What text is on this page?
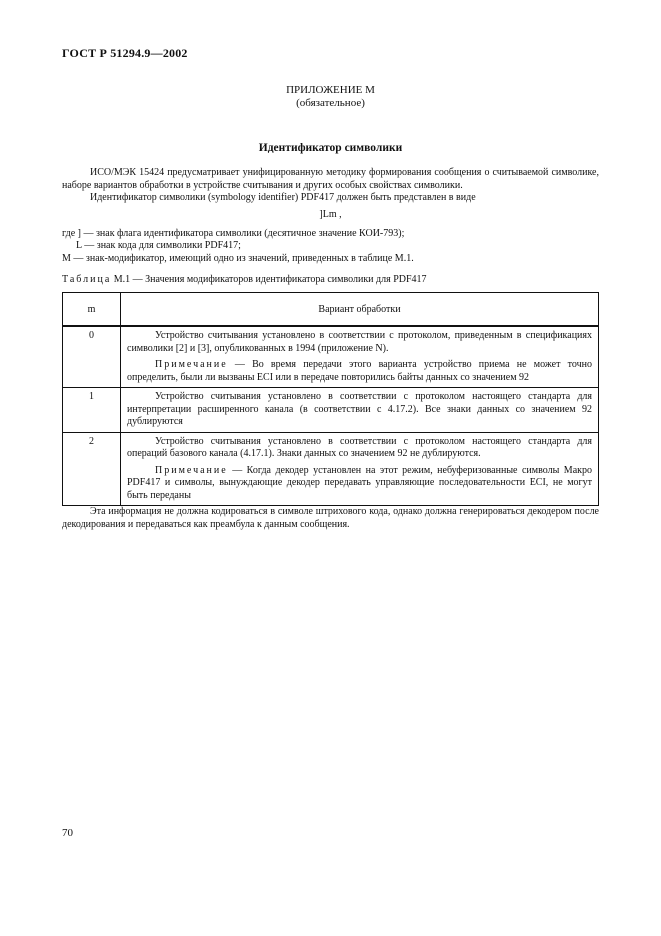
ГОСТ Р 51294.9—2002
ПРИЛОЖЕНИЕ М
(обязательное)
Идентификатор символики
ИСО/МЭК 15424 предусматривает унифицированную методику формирования сообщения о считываемой символике, наборе вариантов обработки в устройстве считывания и других особых свойствах символики.
Идентификатор символики (symbology identifier) PDF417 должен быть представлен в виде
]Lm ,
где ] — знак флага идентификатора символики (десятичное значение КОИ-793);
L — знак кода для символики PDF417;
М — знак-модификатор, имеющий одно из значений, приведенных в таблице М.1.
Таблица М.1 — Значения модификаторов идентификатора символики для PDF417
m	Вариант обработки
0	Устройство считывания установлено в соответствии с протоколом, приведенным в спецификациях символики [2] и [3], опубликованных в 1994 (приложение N).

Примечание — Во время передачи этого варианта устройство приема не может точно определить, были ли вызваны ECI или в передаче повторились байты данных со значением 92

1	Устройство считывания установлено в соответствии с протоколом настоящего стандарта для интерпретации расширенного канала (в соответствии с 4.17.2). Все знаки данных со значением 92 дублируются

2	Устройство считывания установлено в соответствии с протоколом настоящего стандарта для операций базового канала (4.17.1). Знаки данных со значением 92 не дублируются.

Примечание — Когда декодер установлен на этот режим, небуферизованные символы Макро PDF417 и символы, вынуждающие декодер передавать управляющие последовательности ECI, не могут быть переданы

Эта информация не должна кодироваться в символе штрихового кода, однако должна генерироваться декодером после декодирования и передаваться как преамбула к данным сообщения.
70
